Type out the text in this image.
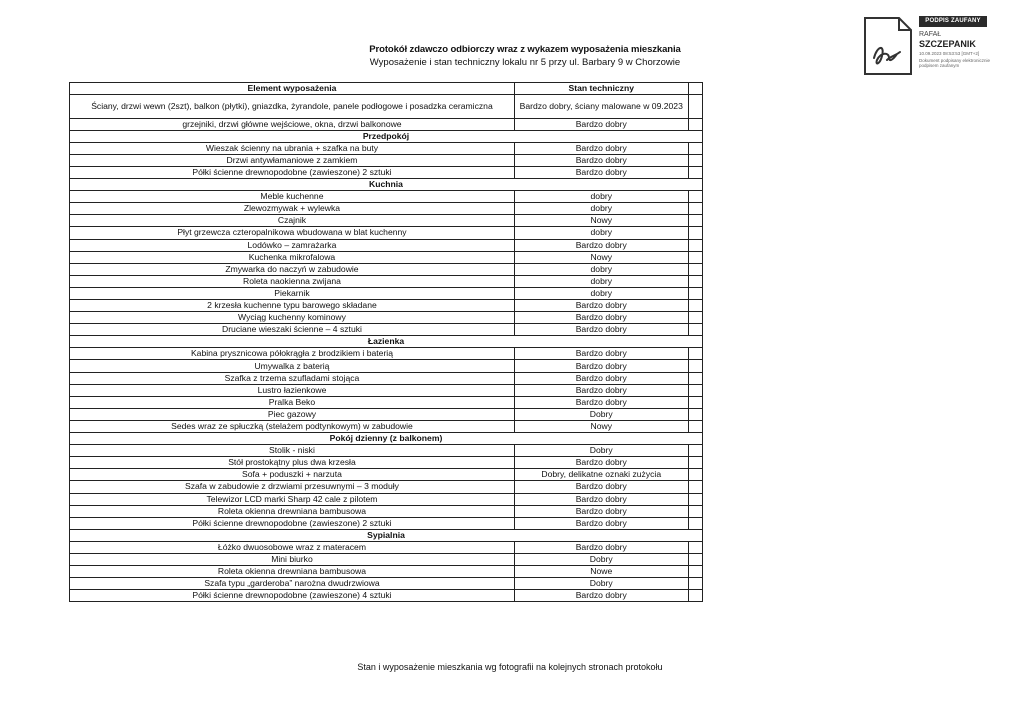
Protokół zdawczo odbiorczy wraz z wykazem wyposażenia mieszkania
Wyposażenie i stan techniczny lokalu nr 5 przy ul. Barbary 9 w Chorzowie
PODPIS ZAUFANY
RAFAŁ
SZCZEPANIK
10.09.2023 08:53:53 [GMT+2]
Dokument podpisany elektronicznie podpisem zaufanym
Element wyposażenia	Stan techniczny	
Ściany, drzwi wewn (2szt), balkon (płytki), gniazdka, żyrandole, panele podłogowe i posadzka ceramiczna	Bardzo dobry, ściany malowane w 09.2023	
grzejniki, drzwi główne wejściowe, okna, drzwi balkonowe	Bardzo dobry	
Przedpokój		
Wieszak ścienny na ubrania + szafka na buty	Bardzo dobry	
Drzwi antywłamaniowe z zamkiem	Bardzo dobry	
Półki ścienne drewnopodobne (zawieszone) 2 sztuki	Bardzo dobry	
Kuchnia		
Meble kuchenne	dobry	
Zlewozmywak + wylewka	dobry	
Czajnik	Nowy	
Płyt grzewcza czteropalnikowa wbudowana w blat kuchenny	dobry	
Lodówko – zamrażarka	Bardzo dobry	
Kuchenka mikrofalowa	Nowy	
Zmywarka do naczyń w zabudowie	dobry	
Roleta naokienna zwijana	dobry	
Piekarnik	dobry	
2 krzesła kuchenne typu barowego składane	Bardzo dobry	
Wyciąg kuchenny kominowy	Bardzo dobry	
Druciane wieszaki ścienne – 4 sztuki	Bardzo dobry	
Łazienka		
Kabina prysznicowa półokrągła z brodzikiem i baterią	Bardzo dobry	
Umywalka z baterią	Bardzo dobry	
Szafka z trzema szufladami stojąca	Bardzo dobry	
Lustro łazienkowe	Bardzo dobry	
Pralka Beko	Bardzo dobry	
Piec gazowy	Dobry	
Sedes wraz ze spłuczką (stelażem podtynkowym) w zabudowie	Nowy	
Pokój dzienny (z balkonem)		
Stolik - niski	Dobry	
Stół prostokątny plus dwa krzesła	Bardzo dobry	
Sofa + poduszki + narzuta	Dobry, delikatne oznaki zużycia	
Szafa w zabudowie z drzwiami przesuwnymi – 3 moduły	Bardzo dobry	
Telewizor LCD marki Sharp 42 cale z pilotem	Bardzo dobry	
Roleta okienna drewniana bambusowa	Bardzo dobry	
Półki ścienne drewnopodobne (zawieszone) 2 sztuki	Bardzo dobry	
Sypialnia		
Łóżko dwuosobowe wraz z materacem	Bardzo dobry	
Mini biurko	Dobry	
Roleta okienna drewniana bambusowa	Nowe	
Szafa typu „garderoba” narożna dwudrzwiowa	Dobry	
Półki ścienne drewnopodobne (zawieszone) 4 sztuki	Bardzo dobry	
Stan i wyposażenie mieszkania wg fotografii na kolejnych stronach protokołu
